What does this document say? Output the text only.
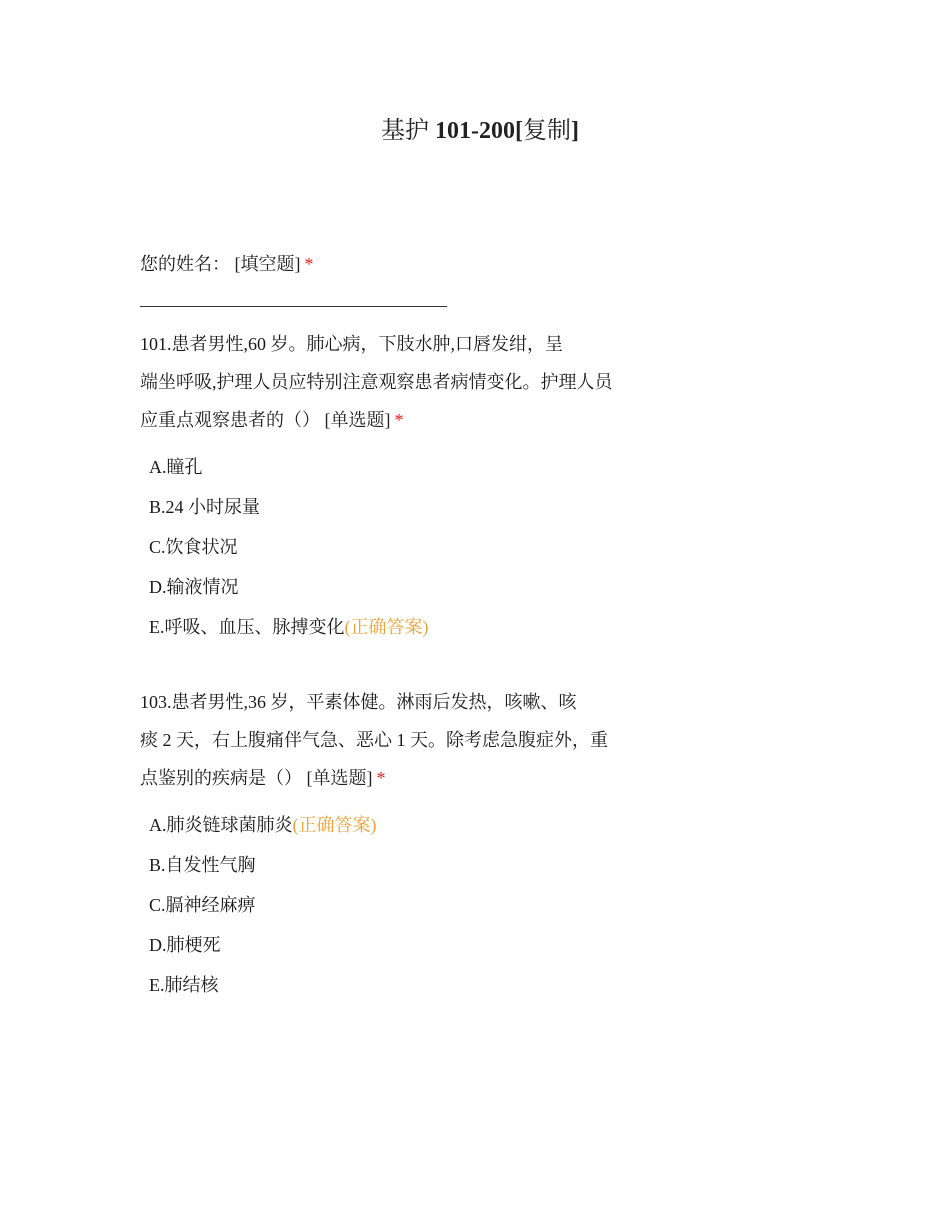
基护 101-200[复制]
您的姓名： [填空题] *
101.患者男性,60 岁。肺心病，下肢水肿,口唇发绀，呈
端坐呼吸,护理人员应特别注意观察患者病情变化。护理人员
应重点观察患者的（） [单选题] *
A.瞳孔
B.24 小时尿量
C.饮食状况
D.输液情况
E.呼吸、血压、脉搏变化(正确答案)
103.患者男性,36 岁，平素体健。淋雨后发热，咳嗽、咳
痰 2 天，右上腹痛伴气急、恶心 1 天。除考虑急腹症外，重
点鉴别的疾病是（） [单选题] *
A.肺炎链球菌肺炎(正确答案)
B.自发性气胸
C.膈神经麻痹
D.肺梗死
E.肺结核
